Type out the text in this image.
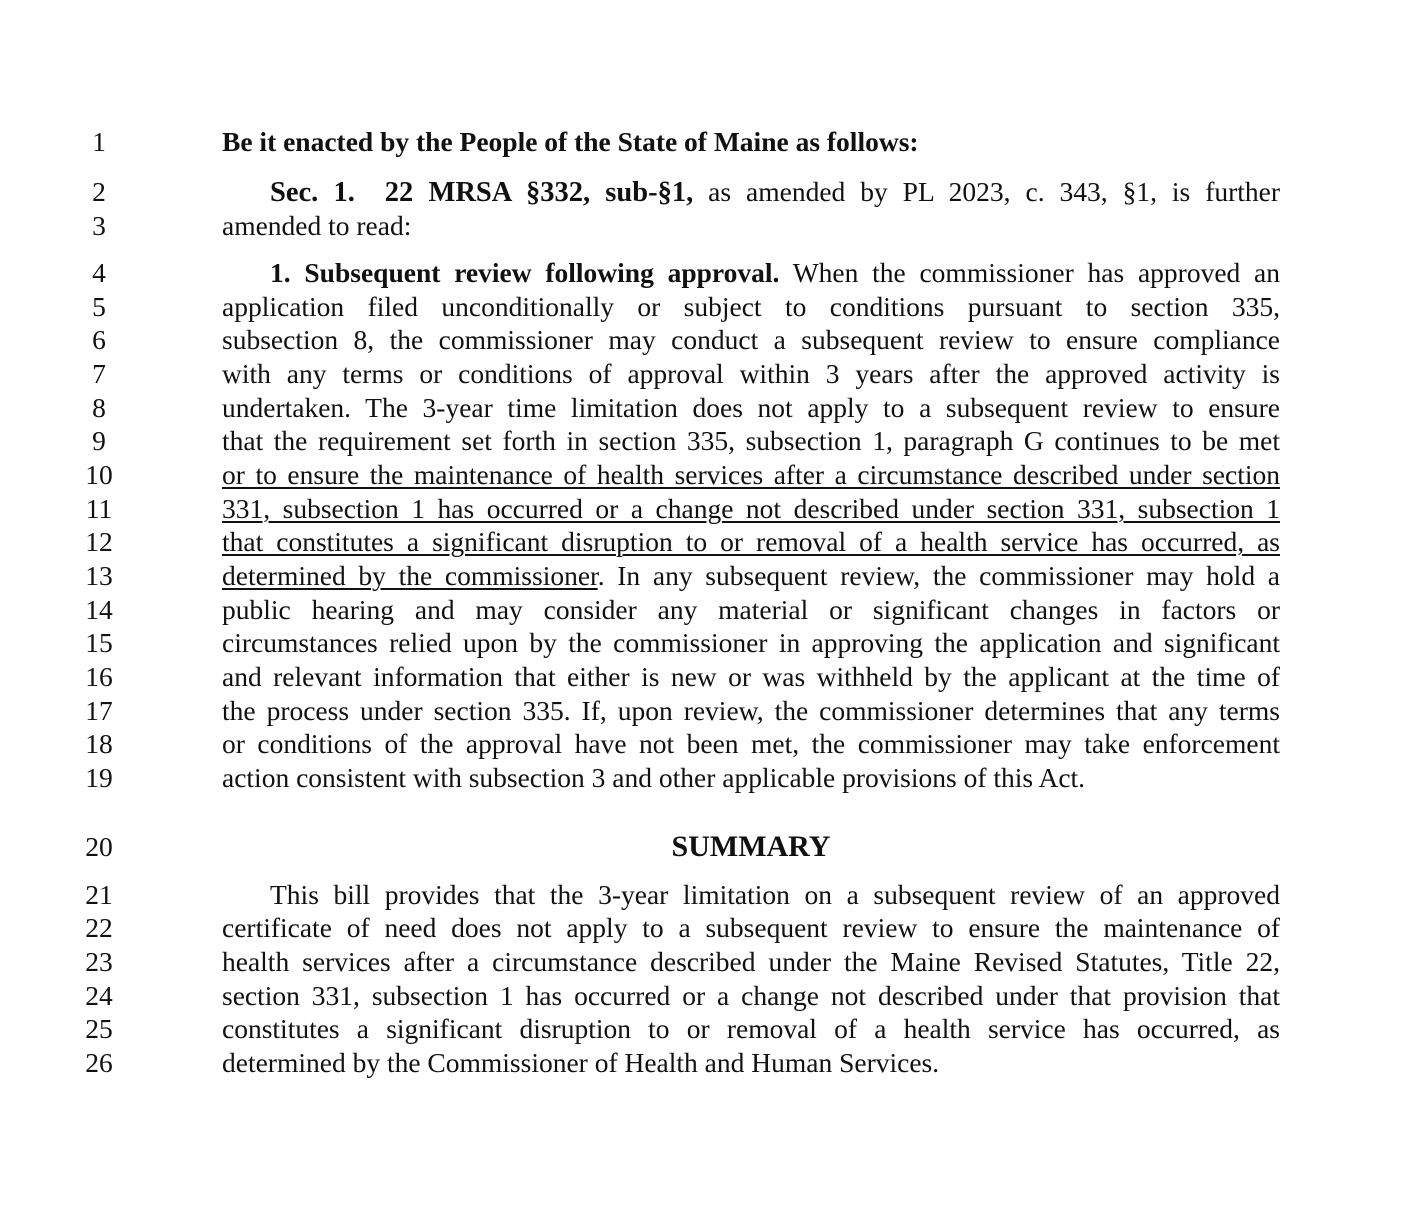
1
2
3
4
5
6
7
8
9
10
11
12
13
14
15
16
17
18
19
20
21
22
23
24
25
26
Be it enacted by the People of the State of Maine as follows:
Sec. 1. 22 MRSA §332, sub-§1, as amended by PL 2023, c. 343, §1, is further
amended to read:
1. Subsequent review following approval. When the commissioner has approved an
application filed unconditionally or subject to conditions pursuant to section 335,
subsection 8, the commissioner may conduct a subsequent review to ensure compliance
with any terms or conditions of approval within 3 years after the approved activity is
undertaken. The 3-year time limitation does not apply to a subsequent review to ensure
that the requirement set forth in section 335, subsection 1, paragraph G continues to be met
or to ensure the maintenance of health services after a circumstance described under section
331, subsection 1 has occurred or a change not described under section 331, subsection 1
that constitutes a significant disruption to or removal of a health service has occurred, as
determined by the commissioner. In any subsequent review, the commissioner may hold a
public hearing and may consider any material or significant changes in factors or
circumstances relied upon by the commissioner in approving the application and significant
and relevant information that either is new or was withheld by the applicant at the time of
the process under section 335. If, upon review, the commissioner determines that any terms
or conditions of the approval have not been met, the commissioner may take enforcement
action consistent with subsection 3 and other applicable provisions of this Act.
SUMMARY
This bill provides that the 3-year limitation on a subsequent review of an approved
certificate of need does not apply to a subsequent review to ensure the maintenance of
health services after a circumstance described under the Maine Revised Statutes, Title 22,
section 331, subsection 1 has occurred or a change not described under that provision that
constitutes a significant disruption to or removal of a health service has occurred, as
determined by the Commissioner of Health and Human Services.
